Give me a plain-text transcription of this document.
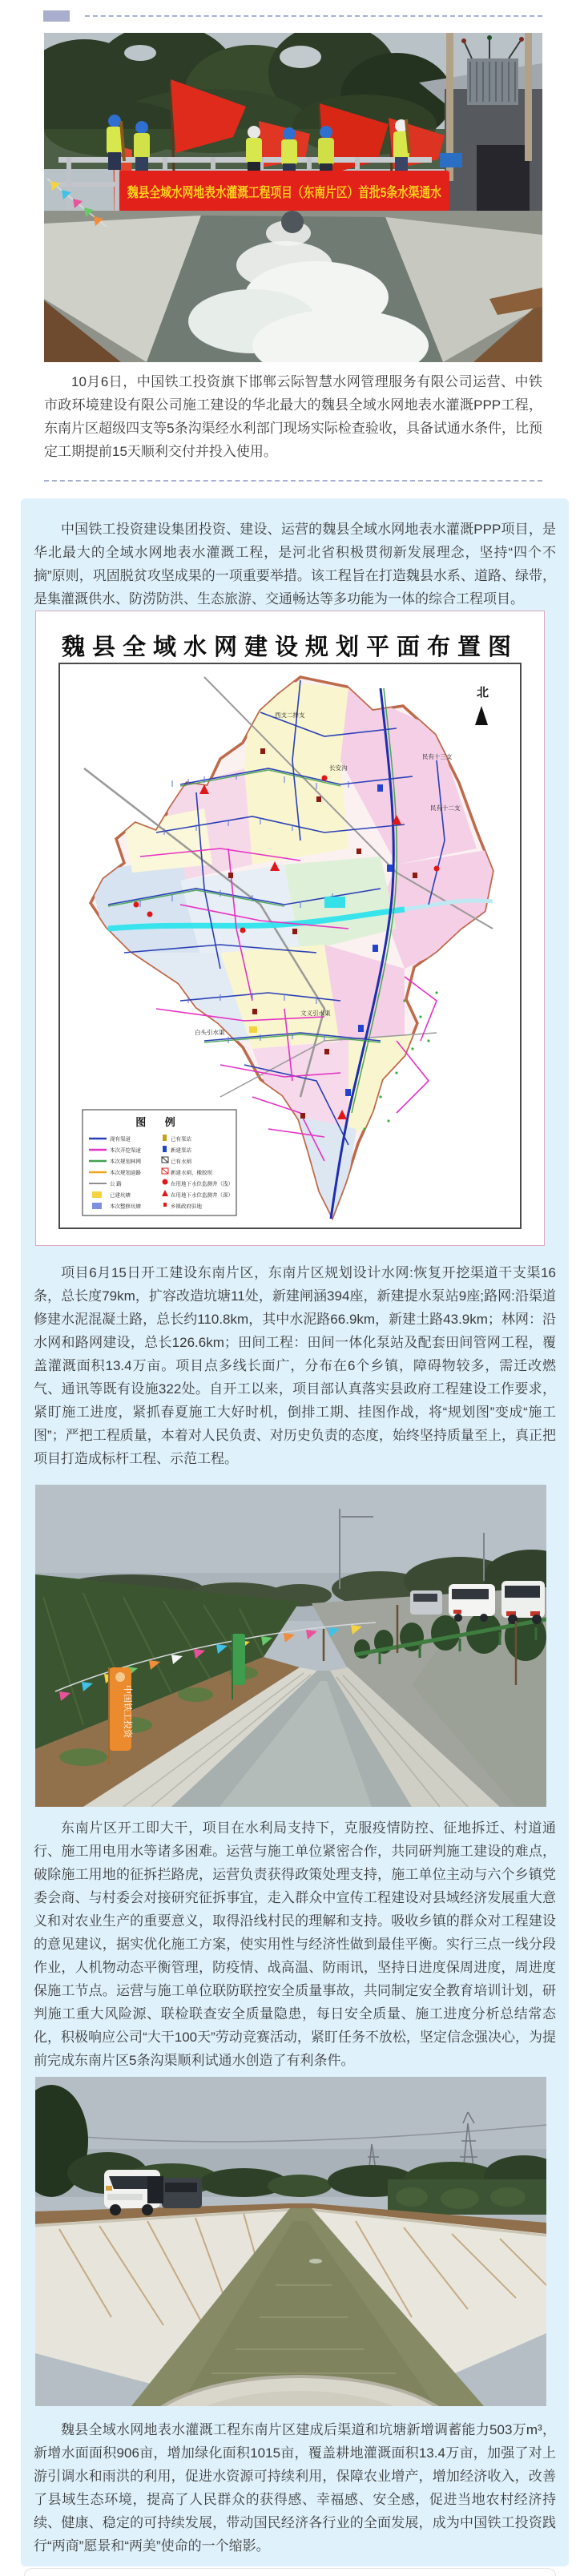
魏县全域水网地表水灌溉工程项目（东南片区）首批5条水渠通水

10月6日，中国铁工投资旗下邯郸云际智慧水网管理服务有限公司运营、中铁市政环境建设有限公司施工建设的华北最大的魏县全域水网地表水灌溉PPP工程，东南片区超级四支等5条沟渠经水利部门现场实际检查验收，具备试通水条件，比预定工期提前15天顺利交付并投入使用。

中国铁工投资建设集团投资、建设、运营的魏县全域水网地表水灌溉PPP项目，是华北最大的全域水网地表水灌溉工程，是河北省积极贯彻新发展理念，坚持“四个不摘”原则，巩固脱贫攻坚成果的一项重要举措。该工程旨在打造魏县水系、道路、绿带，是集灌溉供水、防涝防洪、生态旅游、交通畅达等多功能为一体的综合工程项目。

魏县全域水网建设规划平面布置图
民有十三支
民有十二支
西支二排支
长安沟
文义引水渠
白头引水渠
北
图 例
现有渠道
本次开挖渠道
本次规划林网
本次规划道路
公 路
已建坑塘
本次整修坑塘
已有泵站
新建泵站
已有水闸
新建水闸、橡胶坝
在用地下水位监测井（浅）
在用地下水位监测井（深）
乡镇政府驻地

项目6月15日开工建设东南片区，东南片区规划设计水网:恢复开挖渠道干支渠16条，总长度79km，扩容改造坑塘11处，新建闸涵394座，新建提水泵站9座;路网:沿渠道修建水泥混凝土路，总长约110.8km，其中水泥路66.9km，新建土路43.9km；林网：沿水网和路网建设，总长126.6km；田间工程：田间一体化泵站及配套田间管网工程，覆盖灌溉面积13.4万亩。项目点多线长面广，分布在6个乡镇，障碍物较多，需迁改燃气、通讯等既有设施322处。自开工以来，项目部认真落实县政府工程建设工作要求，紧盯施工进度，紧抓春夏施工大好时机，倒排工期、挂图作战，将“规划图”变成“施工图”；严把工程质量，本着对人民负责、对历史负责的态度，始终坚持质量至上，真正把项目打造成标杆工程、示范工程。

中国铁工投资

东南片区开工即大干，项目在水利局支持下，克服疫情防控、征地拆迁、村道通行、施工用电用水等诸多困难。运营与施工单位紧密合作，共同研判施工建设的难点，破除施工用地的征拆拦路虎，运营负责获得政策处理支持，施工单位主动与六个乡镇党委会商、与村委会对接研究征拆事宜，走入群众中宣传工程建设对县域经济发展重大意义和对农业生产的重要意义，取得沿线村民的理解和支持。吸收乡镇的群众对工程建设的意见建议，据实优化施工方案，使实用性与经济性做到最佳平衡。实行三点一线分段作业，人机物动态平衡管理，防疫情、战高温、防雨讯，坚持日进度保周进度，周进度保施工节点。运营与施工单位联防联控安全质量事故，共同制定安全教育培训计划，研判施工重大风险源、联检联查安全质量隐患，每日安全质量、施工进度分析总结常态化，积极响应公司“大干100天”劳动竞赛活动，紧盯任务不放松，坚定信念强决心，为提前完成东南片区5条沟渠顺利试通水创造了有利条件。

魏县全域水网地表水灌溉工程东南片区建成后渠道和坑塘新增调蓄能力503万m³，新增水面面积906亩，增加绿化面积1015亩，覆盖耕地灌溉面积13.4万亩，加强了对上游引调水和雨洪的利用，促进水资源可持续利用，保障农业增产，增加经济收入，改善了县域生态环境，提高了人民群众的获得感、幸福感、安全感，促进当地农村经济持续、健康、稳定的可持续发展，带动国民经济各行业的全面发展，成为中国铁工投资践行“两商”愿景和“两美”使命的一个缩影。
